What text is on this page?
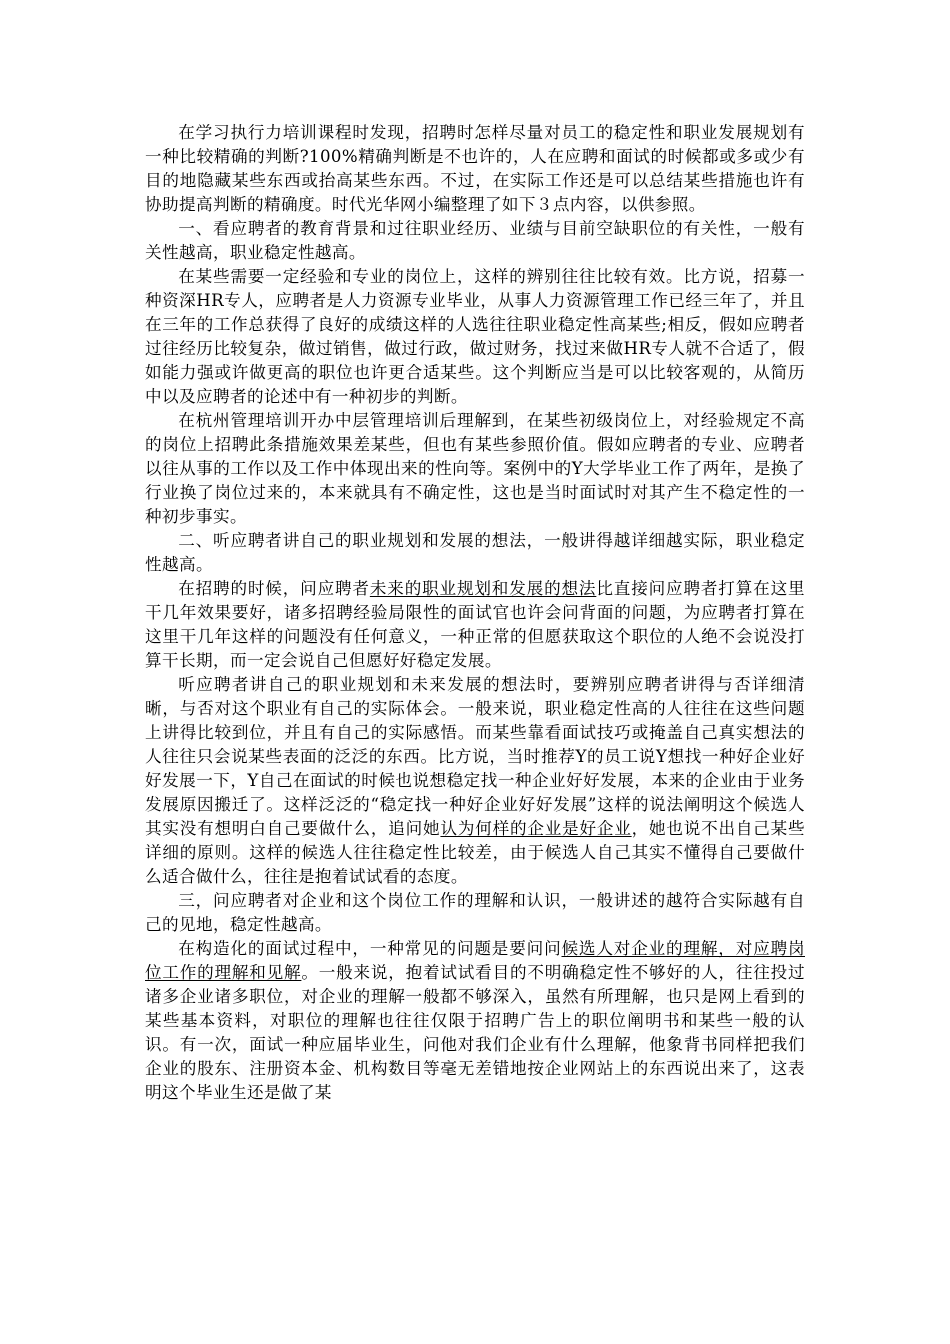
在学习执行力培训课程时发现，招聘时怎样尽量对员工的稳定性和职业发展规划有一种比较精确的判断?100%精确判断是不也许的，人在应聘和面试的时候都或多或少有目的地隐藏某些东西或抬高某些东西。不过，在实际工作还是可以总结某些措施也许有协助提高判断的精确度。时代光华网小编整理了如下３点内容，以供参照。

一、看应聘者的教育背景和过往职业经历、业绩与目前空缺职位的有关性，一般有关性越高，职业稳定性越高。

在某些需要一定经验和专业的岗位上，这样的辨别往往比较有效。比方说，招募一种资深HR专人，应聘者是人力资源专业毕业，从事人力资源管理工作已经三年了，并且在三年的工作总获得了良好的成绩这样的人选往往职业稳定性高某些;相反，假如应聘者过往经历比较复杂，做过销售，做过行政，做过财务，找过来做HR专人就不合适了，假如能力强或许做更高的职位也许更合适某些。这个判断应当是可以比较客观的，从简历中以及应聘者的论述中有一种初步的判断。

在杭州管理培训开办中层管理培训后理解到，在某些初级岗位上，对经验规定不高的岗位上招聘此条措施效果差某些，但也有某些参照价值。假如应聘者的专业、应聘者以往从事的工作以及工作中体现出来的性向等。案例中的Y大学毕业工作了两年，是换了行业换了岗位过来的，本来就具有不确定性，这也是当时面试时对其产生不稳定性的一种初步事实。

二、听应聘者讲自己的职业规划和发展的想法，一般讲得越详细越实际，职业稳定性越高。

在招聘的时候，问应聘者未来的职业规划和发展的想法比直接问应聘者打算在这里干几年效果要好，诸多招聘经验局限性的面试官也许会问背面的问题，为应聘者打算在这里干几年这样的问题没有任何意义，一种正常的但愿获取这个职位的人绝不会说没打算干长期，而一定会说自己但愿好好稳定发展。

听应聘者讲自己的职业规划和未来发展的想法时，要辨别应聘者讲得与否详细清晰，与否对这个职业有自己的实际体会。一般来说，职业稳定性高的人往往在这些问题上讲得比较到位，并且有自己的实际感悟。而某些靠看面试技巧或掩盖自己真实想法的人往往只会说某些表面的泛泛的东西。比方说，当时推荐Y的员工说Y想找一种好企业好好发展一下，Y自己在面试的时候也说想稳定找一种企业好好发展，本来的企业由于业务发展原因搬迁了。这样泛泛的“稳定找一种好企业好好发展”这样的说法阐明这个候选人其实没有想明白自己要做什么，追问她认为何样的企业是好企业，她也说不出自己某些详细的原则。这样的候选人往往稳定性比较差，由于候选人自己其实不懂得自己要做什么适合做什么，往往是抱着试试看的态度。

三，问应聘者对企业和这个岗位工作的理解和认识，一般讲述的越符合实际越有自己的见地，稳定性越高。

在构造化的面试过程中，一种常见的问题是要问问候选人对企业的理解，对应聘岗位工作的理解和见解。一般来说，抱着试试看目的不明确稳定性不够好的人，往往投过诸多企业诸多职位，对企业的理解一般都不够深入，虽然有所理解，也只是网上看到的某些基本资料，对职位的理解也往往仅限于招聘广告上的职位阐明书和某些一般的认识。有一次，面试一种应届毕业生，问他对我们企业有什么理解，他象背书同样把我们企业的股东、注册资本金、机构数目等毫无差错地按企业网站上的东西说出来了，这表明这个毕业生还是做了某
